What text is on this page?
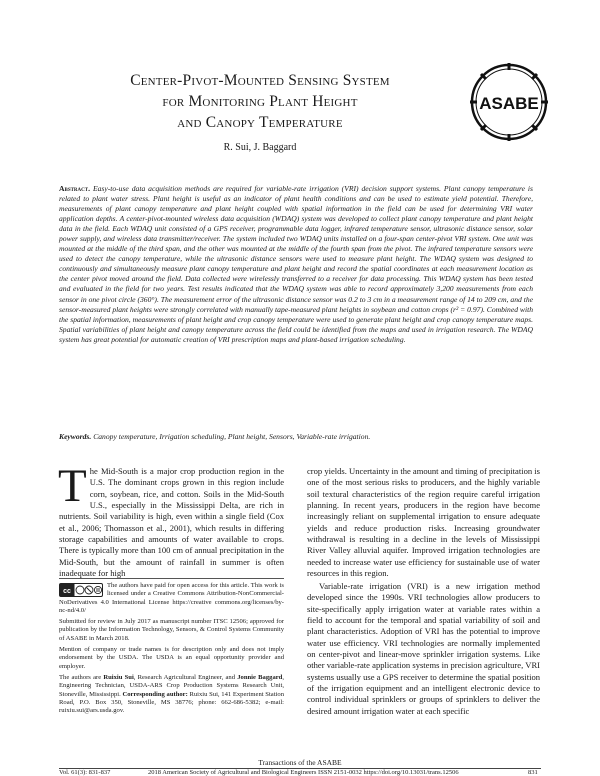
Center-Pivot-Mounted Sensing System
for Monitoring Plant Height
and Canopy Temperature
R. Sui, J. Baggard
ASABE
Abstract. Easy-to-use data acquisition methods are required for variable-rate irrigation (VRI) decision support systems. Plant canopy temperature is related to plant water stress. Plant height is useful as an indicator of plant health conditions and can be used to estimate yield potential. Therefore, measurements of plant canopy temperature and plant height coupled with spatial information in the field can be used for determining VRI water application depths. A center-pivot-mounted wireless data acquisition (WDAQ) system was developed to collect plant canopy temperature and plant height data in the field. Each WDAQ unit consisted of a GPS receiver, programmable data logger, infrared temperature sensor, ultrasonic distance sensor, solar power supply, and wireless data transmitter/receiver. The system included two WDAQ units installed on a four-span center-pivot VRI system. One unit was mounted at the middle of the third span, and the other was mounted at the middle of the fourth span from the pivot. The infrared temperature sensors were used to detect the canopy temperature, while the ultrasonic distance sensors were used to measure plant height. The WDAQ system was designed to continuously and simultaneously measure plant canopy temperature and plant height and record the spatial coordinates at each measurement location as the center pivot moved around the field. Data collected were wirelessly transferred to a receiver for data processing. This WDAQ system has been tested and evaluated in the field for two years. Test results indicated that the WDAQ system was able to record approximately 3,200 measurements from each sensor in one pivot circle (360°). The measurement error of the ultrasonic distance sensor was 0.2 to 3 cm in a measurement range of 14 to 209 cm, and the sensor-measured plant heights were strongly correlated with manually tape-measured plant heights in soybean and cotton crops (r² = 0.97). Combined with the spatial information, measurements of plant height and crop canopy temperature were used to generate plant height and crop canopy temperature maps. Spatial variabilities of plant height and canopy temperature across the field could be identified from the maps and used in irrigation research. The WDAQ system has great potential for automatic creation of VRI prescription maps and plant-based irrigation scheduling.
Keywords. Canopy temperature, Irrigation scheduling, Plant height, Sensors, Variable-rate irrigation.
T he Mid-South is a major crop production region in the U.S. The dominant crops grown in this region include corn, soybean, rice, and cotton. Soils in the Mid-South U.S., especially in the Mississippi Delta, are rich in nutrients. Soil variability is high, even within a single field (Cox et al., 2006; Thomasson et al., 2001), which results in differing storage capabilities and amounts of water available to crops. There is typically more than 100 cm of annual precipitation in the Mid-South, but the amount of rainfall in summer is often inadequate for high

cc
The authors have paid for open access for this article. This work is licensed under a Creative Commons Attribution-NonCommercial-NoDerivatives 4.0 International License https://creative commons.org/licenses/by-nc-nd/4.0/

Submitted for review in July 2017 as manuscript number ITSC 12506; approved for publication by the Information Technology, Sensors, & Control Systems Community of ASABE in March 2018.

Mention of company or trade names is for description only and does not imply endorsement by the USDA. The USDA is an equal opportunity provider and employer.

The authors are Ruixiu Sui, Research Agricultural Engineer, and Jonnie Baggard, Engineering Technician, USDA-ARS Crop Production Systems Research Unit, Stoneville, Mississippi. Corresponding author: Ruixiu Sui, 141 Experiment Station Road, P.O. Box 350, Stoneville, MS 38776; phone: 662-686-5382; e-mail: ruixiu.sui@ars.usda.gov.

crop yields. Uncertainty in the amount and timing of precipitation is one of the most serious risks to producers, and the highly variable soil textural characteristics of the region require careful irrigation planning. In recent years, producers in the region have become increasingly reliant on supplemental irrigation to ensure adequate yields and reduce production risks. Increasing groundwater withdrawal is resulting in a decline in the levels of Mississippi River Valley alluvial aquifer. Improved irrigation technologies are needed to increase water use efficiency for sustainable use of water resources in this region.
Variable-rate irrigation (VRI) is a new irrigation method developed since the 1990s. VRI technologies allow producers to site-specifically apply irrigation water at variable rates within a field to account for the temporal and spatial variability of soil and plant characteristics. Adoption of VRI has the potential to improve water use efficiency. VRI technologies are normally implemented on center-pivot and linear-move sprinkler irrigation systems. Like other variable-rate application systems in precision agriculture, VRI systems usually use a GPS receiver to determine the spatial position of the irrigation equipment and an intelligent electronic device to control individual sprinklers or groups of sprinklers to deliver the desired amount irrigation water at each specific
Transactions of the ASABE
Vol. 61(3): 831-837	2018 American Society of Agricultural and Biological Engineers ISSN 2151-0032 https://doi.org/10.13031/trans.12506	831
